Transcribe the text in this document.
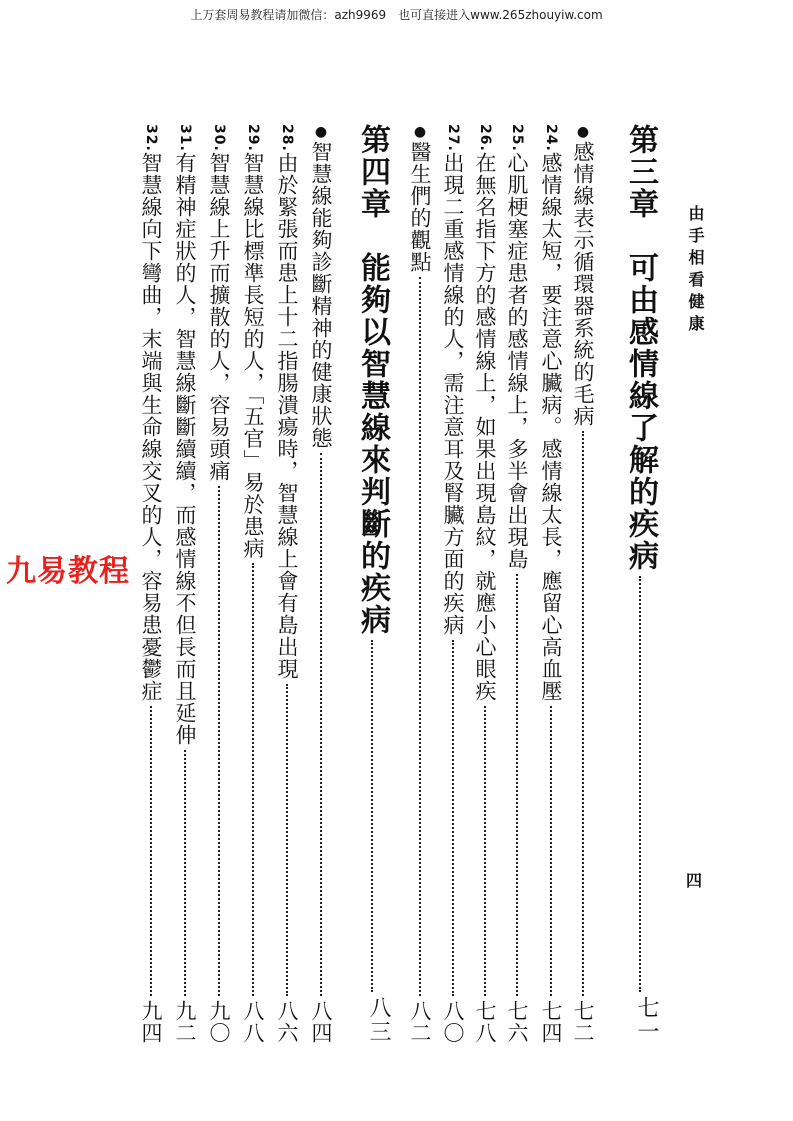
上万套周易教程请加微信：azh9969　也可直接进入www.265zhouyiw.com
由手相看健康
四
九易教程	第三章　可由感情線了解的疾病
七一
●感情線表示循環器系統的毛病
七二
24.感情線太短，要注意心臟病。感情線太長，應留心高血壓
七四
25.心肌梗塞症患者的感情線上，多半會出現島
七六
26.在無名指下方的感情線上，如果出現島紋，就應小心眼疾
七八
27.出現二重感情線的人，需注意耳及腎臟方面的疾病
八〇
●醫生們的觀點
八二
第四章　能夠以智慧線來判斷的疾病
八三
●智慧線能夠診斷精神的健康狀態
八四
28.由於緊張而患上十二指腸潰瘍時，智慧線上會有島出現
八六
29.智慧線比標準長短的人，「五官」易於患病
八八
30.智慧線上升而擴散的人，容易頭痛
九〇
31.有精神症狀的人，智慧線斷斷續續，而感情線不但長而且延伸
九二
32.智慧線向下彎曲，末端與生命線交叉的人，容易患憂鬱症
九四
